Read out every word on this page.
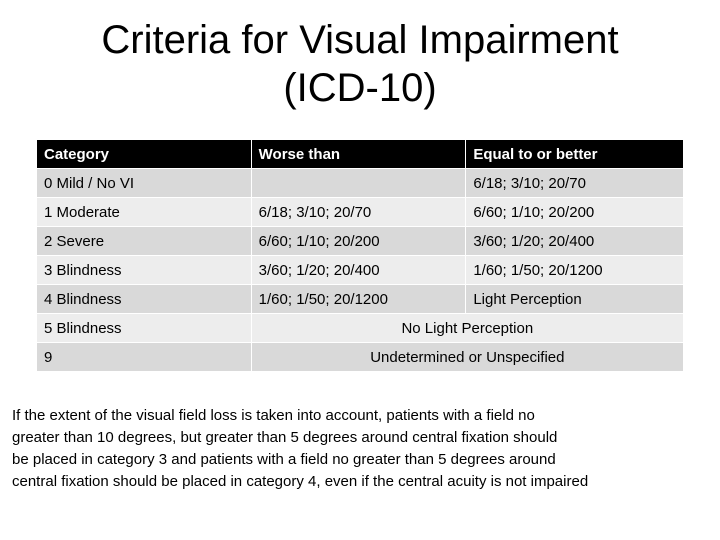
Criteria for Visual Impairment
(ICD-10)
Category	Worse than	Equal to or better
0 Mild / No VI		6/18; 3/10; 20/70
1 Moderate	6/18; 3/10; 20/70	6/60; 1/10; 20/200
2 Severe	6/60; 1/10; 20/200	3/60; 1/20; 20/400
3 Blindness	3/60; 1/20; 20/400	1/60; 1/50; 20/1200
4 Blindness	1/60; 1/50; 20/1200	Light Perception
5 Blindness	No Light Perception	
9	Undetermined or Unspecified	

If the extent of the visual field loss is taken into account, patients with a field no
greater than 10 degrees, but greater than 5 degrees around central fixation should
be placed in category 3 and patients with a field no greater than 5 degrees around
central fixation should be placed in category 4, even if the central acuity is not impaired
